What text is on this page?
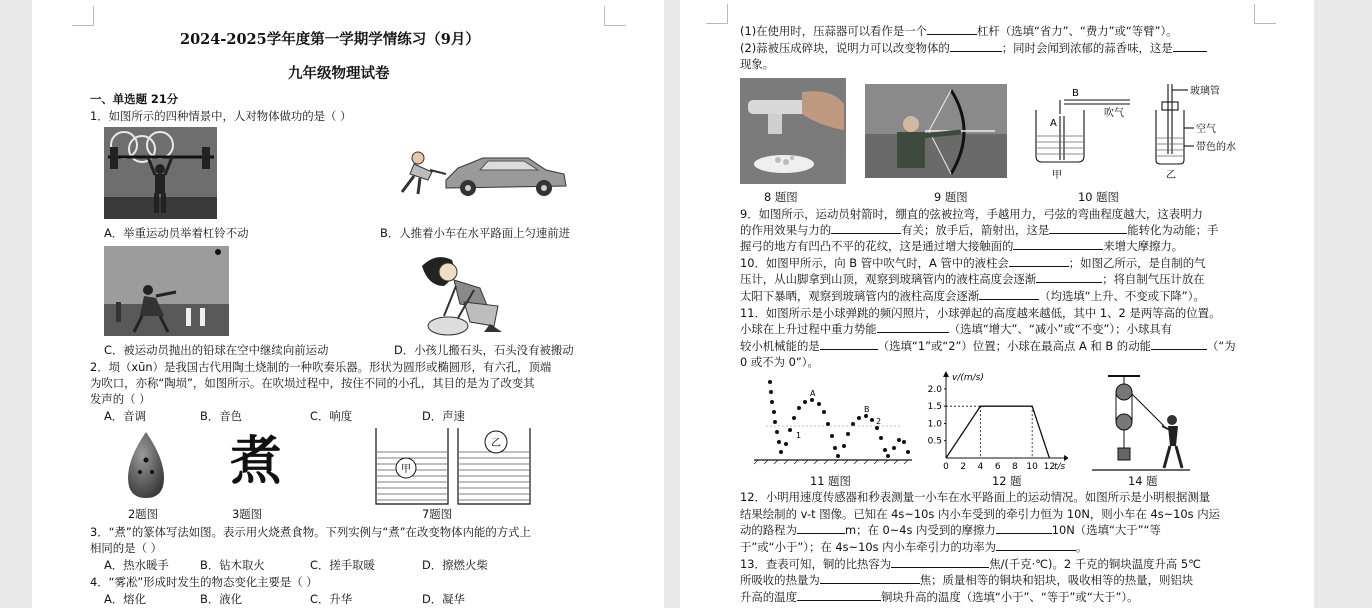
2024-2025学年度第一学期学情练习（9月）
九年级物理试卷
一、单选题 21分
1．如图所示的四种情景中，人对物体做功的是（ ）
A．举重运动员举着杠铃不动	B．人推着小车在水平路面上匀速前进
C．被运动员抛出的铅球在空中继续向前运动	D．小孩儿搬石头，石头没有被搬动
2．埙（xūn）是我国古代用陶土烧制的一种吹奏乐器。形状为圆形或椭圆形，有六孔，顶端
为吹口，亦称“陶埙”，如图所示。在吹埙过程中，按住不同的小孔，其目的是为了改变其
发声的（ ）
A．音调	B．音色	C．响度	D．声速
煮	甲
乙
2题图	3题图	7题图
3．“煮”的篆体写法如图。表示用火烧煮食物。下列实例与“煮”在改变物体内能的方式上
相同的是（ ）
A．热水暖手	B．钻木取火	C．搓手取暖	D．擦燃火柴
4．“雾凇”形成时发生的物态变化主要是（ ）
A．熔化	B．液化	C．升华	D．凝华
(1)在使用时，压蒜器可以看作是一个	杠杆（选填“省力”、“费力”或“等臂”）。
(2)蒜被压成碎块，说明力可以改变物体的	；同时会闻到浓郁的蒜香味，这是
现象。
B
吹气
A
甲
玻璃管
空气
带色的水
乙
8 题图	9 题图	10 题图
9．如图所示，运动员射箭时，绷直的弦被拉弯，手越用力，弓弦的弯曲程度越大，这表明力
的作用效果与力的	有关；放手后，箭射出，这是	能转化为动能；手
握弓的地方有凹凸不平的花纹，这是通过增大接触面的	来增大摩擦力。
10．如图甲所示，向 B 管中吹气时，A 管中的液柱会	；如图乙所示，是自制的气
压计，从山脚拿到山顶，观察到玻璃管内的液柱高度会逐渐	；将自制气压计放在
太阳下暴晒，观察到玻璃管内的液柱高度会逐渐	（均选填“上升、不变或下降”）。
11．如图所示是小球弹跳的频闪照片，小球弹起的高度越来越低，其中 1、2 是两等高的位置。
小球在上升过程中重力势能	（选填“增大”、“减小”或“不变”）；小球具有
较小机械能的是	（选填“1”或“2”）位置；小球在最高点 A 和 B 的动能	（“为
0 或不为 0”）。
A
B
1
2
0 2 4 6 8 10 12
0.5
1.0
1.5
2.0
t/s
v/(m/s)
11 题图	12 题	14 题
12．小明用速度传感器和秒表测量一小车在水平路面上的运动情况。如图所示是小明根据测量
结果绘制的 v-t 图像。已知在 4s~10s 内小车受到的牵引力恒为 10N，则小车在 4s~10s 内运
动的路程为	m；在 0~4s 内受到的摩擦力	10N（选填“大于”“等
于”或“小于”）；在 4s~10s 内小车牵引力的功率为	。
13．查表可知，铜的比热容为	焦/(千克·℃)。2 千克的铜块温度升高 5℃
所吸收的热量为	焦；质量相等的铜块和铝块，吸收相等的热量，则铝块
升高的温度	铜块升高的温度（选填“小于”、“等于”或“大于”）。
